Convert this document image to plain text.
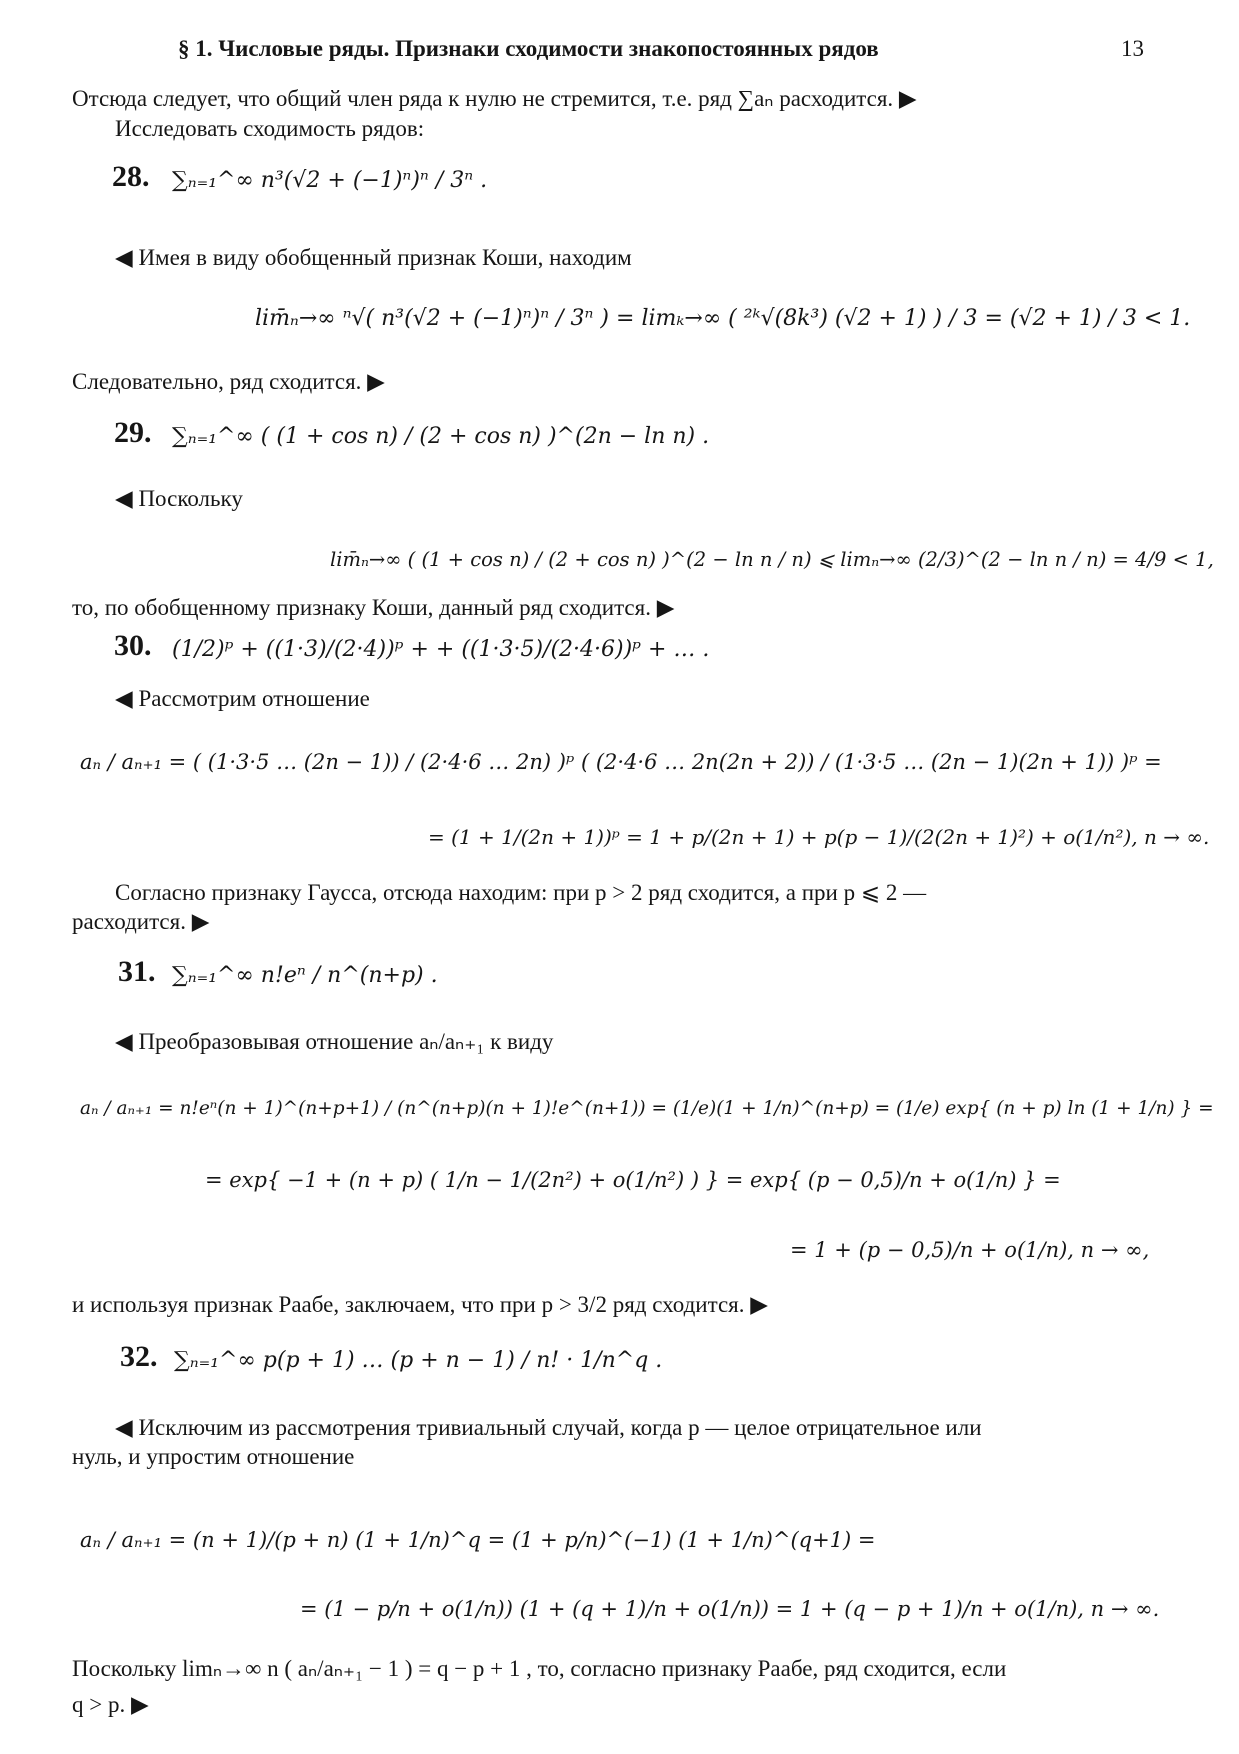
§ 1. Числовые ряды. Признаки сходимости знакопостоянных рядов	13
Отсюда следует, что общий член ряда к нулю не стремится, т.е. ряд ∑aₙ расходится. ▶
Исследовать сходимость рядов:
28. ∑ₙ₌₁^∞ n³(√2 + (−1)ⁿ)ⁿ / 3ⁿ .
◀ Имея в виду обобщенный признак Коши, находим
lim̄ₙ→∞ ⁿ√( n³(√2 + (−1)ⁿ)ⁿ / 3ⁿ ) = limₖ→∞ ( ²ᵏ√(8k³) (√2 + 1) ) / 3 = (√2 + 1) / 3 < 1.
Следовательно, ряд сходится. ▶
29. ∑ₙ₌₁^∞ ( (1 + cos n) / (2 + cos n) )^(2n − ln n) .
◀ Поскольку
lim̄ₙ→∞ ( (1 + cos n) / (2 + cos n) )^(2 − ln n / n) ⩽ limₙ→∞ (2/3)^(2 − ln n / n) = 4/9 < 1,
то, по обобщенному признаку Коши, данный ряд сходится. ▶
30. (1/2)ᵖ + ((1·3)/(2·4))ᵖ + + ((1·3·5)/(2·4·6))ᵖ + … .
◀ Рассмотрим отношение
aₙ / aₙ₊₁ = ( (1·3·5 … (2n − 1)) / (2·4·6 … 2n) )ᵖ ( (2·4·6 … 2n(2n + 2)) / (1·3·5 … (2n − 1)(2n + 1)) )ᵖ =
= (1 + 1/(2n + 1))ᵖ = 1 + p/(2n + 1) + p(p − 1)/(2(2n + 1)²) + o(1/n²), n → ∞.
Согласно признаку Гаусса, отсюда находим: при p > 2 ряд сходится, а при p ⩽ 2 —
расходится. ▶
31. ∑ₙ₌₁^∞ n!eⁿ / n^(n+p) .
◀ Преобразовывая отношение aₙ/aₙ₊₁ к виду
aₙ / aₙ₊₁ = n!eⁿ(n + 1)^(n+p+1) / (n^(n+p)(n + 1)!e^(n+1)) = (1/e)(1 + 1/n)^(n+p) = (1/e) exp{ (n + p) ln (1 + 1/n) } =
= exp{ −1 + (n + p) ( 1/n − 1/(2n²) + o(1/n²) ) } = exp{ (p − 0,5)/n + o(1/n) } =
= 1 + (p − 0,5)/n + o(1/n), n → ∞,
и используя признак Раабе, заключаем, что при p > 3/2 ряд сходится. ▶
32. ∑ₙ₌₁^∞ p(p + 1) … (p + n − 1) / n! · 1/n^q .
◀ Исключим из рассмотрения тривиальный случай, когда p — целое отрицательное или
нуль, и упростим отношение
aₙ / aₙ₊₁ = (n + 1)/(p + n) (1 + 1/n)^q = (1 + p/n)^(−1) (1 + 1/n)^(q+1) =
= (1 − p/n + o(1/n)) (1 + (q + 1)/n + o(1/n)) = 1 + (q − p + 1)/n + o(1/n), n → ∞.
Поскольку limₙ→∞ n ( aₙ/aₙ₊₁ − 1 ) = q − p + 1 , то, согласно признаку Раабе, ряд сходится, если
q > p. ▶
